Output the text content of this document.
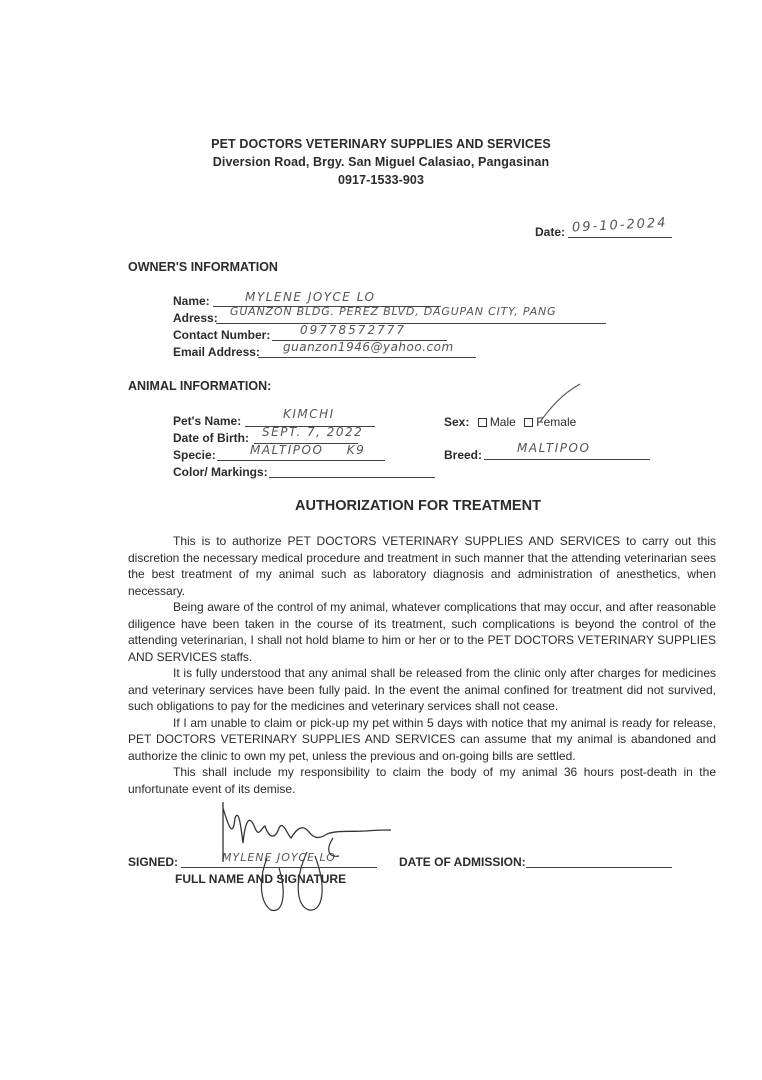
PET DOCTORS VETERINARY SUPPLIES AND SERVICES
Diversion Road, Brgy. San Miguel Calasiao, Pangasinan
0917-1533-903
Date: 09-10-2024
OWNER'S INFORMATION
Name:	MYLENE JOYCE LO
Adress: GUANZON BLDG. PEREZ BLVD, DAGUPAN CITY, PANG
Contact Number: 09778572777
Email Address: guanzon1946@yahoo.com
ANIMAL INFORMATION:
Pet's Name:	KIMCHI
Date of Birth: SEPT. 7, 2022
Specie:	MALTIPOO K9
Color/ Markings:
Sex: Male Female
Breed:	MALTIPOO
AUTHORIZATION FOR TREATMENT

This is to authorize PET DOCTORS VETERINARY SUPPLIES AND SERVICES to carry out this discretion the necessary medical procedure and treatment in such manner that the attending veterinarian sees the best treatment of my animal such as laboratory diagnosis and administration of anesthetics, when necessary.

Being aware of the control of my animal, whatever complications that may occur, and after reasonable diligence have been taken in the course of its treatment, such complications is beyond the control of the attending veterinarian, I shall not hold blame to him or her or to the PET DOCTORS VETERINARY SUPPLIES AND SERVICES staffs.

It is fully understood that any animal shall be released from the clinic only after charges for medicines and veterinary services have been fully paid. In the event the animal confined for treatment did not survived, such obligations to pay for the medicines and veterinary services shall not cease.

If I am unable to claim or pick-up my pet within 5 days with notice that my animal is ready for release, PET DOCTORS VETERINARY SUPPLIES AND SERVICES can assume that my animal is abandoned and authorize the clinic to own my pet, unless the previous and on-going bills are settled.

This shall include my responsibility to claim the body of my animal 36 hours post-death in the unfortunate event of its demise.

SIGNED:	MYLENE JOYCE LO
FULL NAME AND SIGNATURE
DATE OF ADMISSION:
